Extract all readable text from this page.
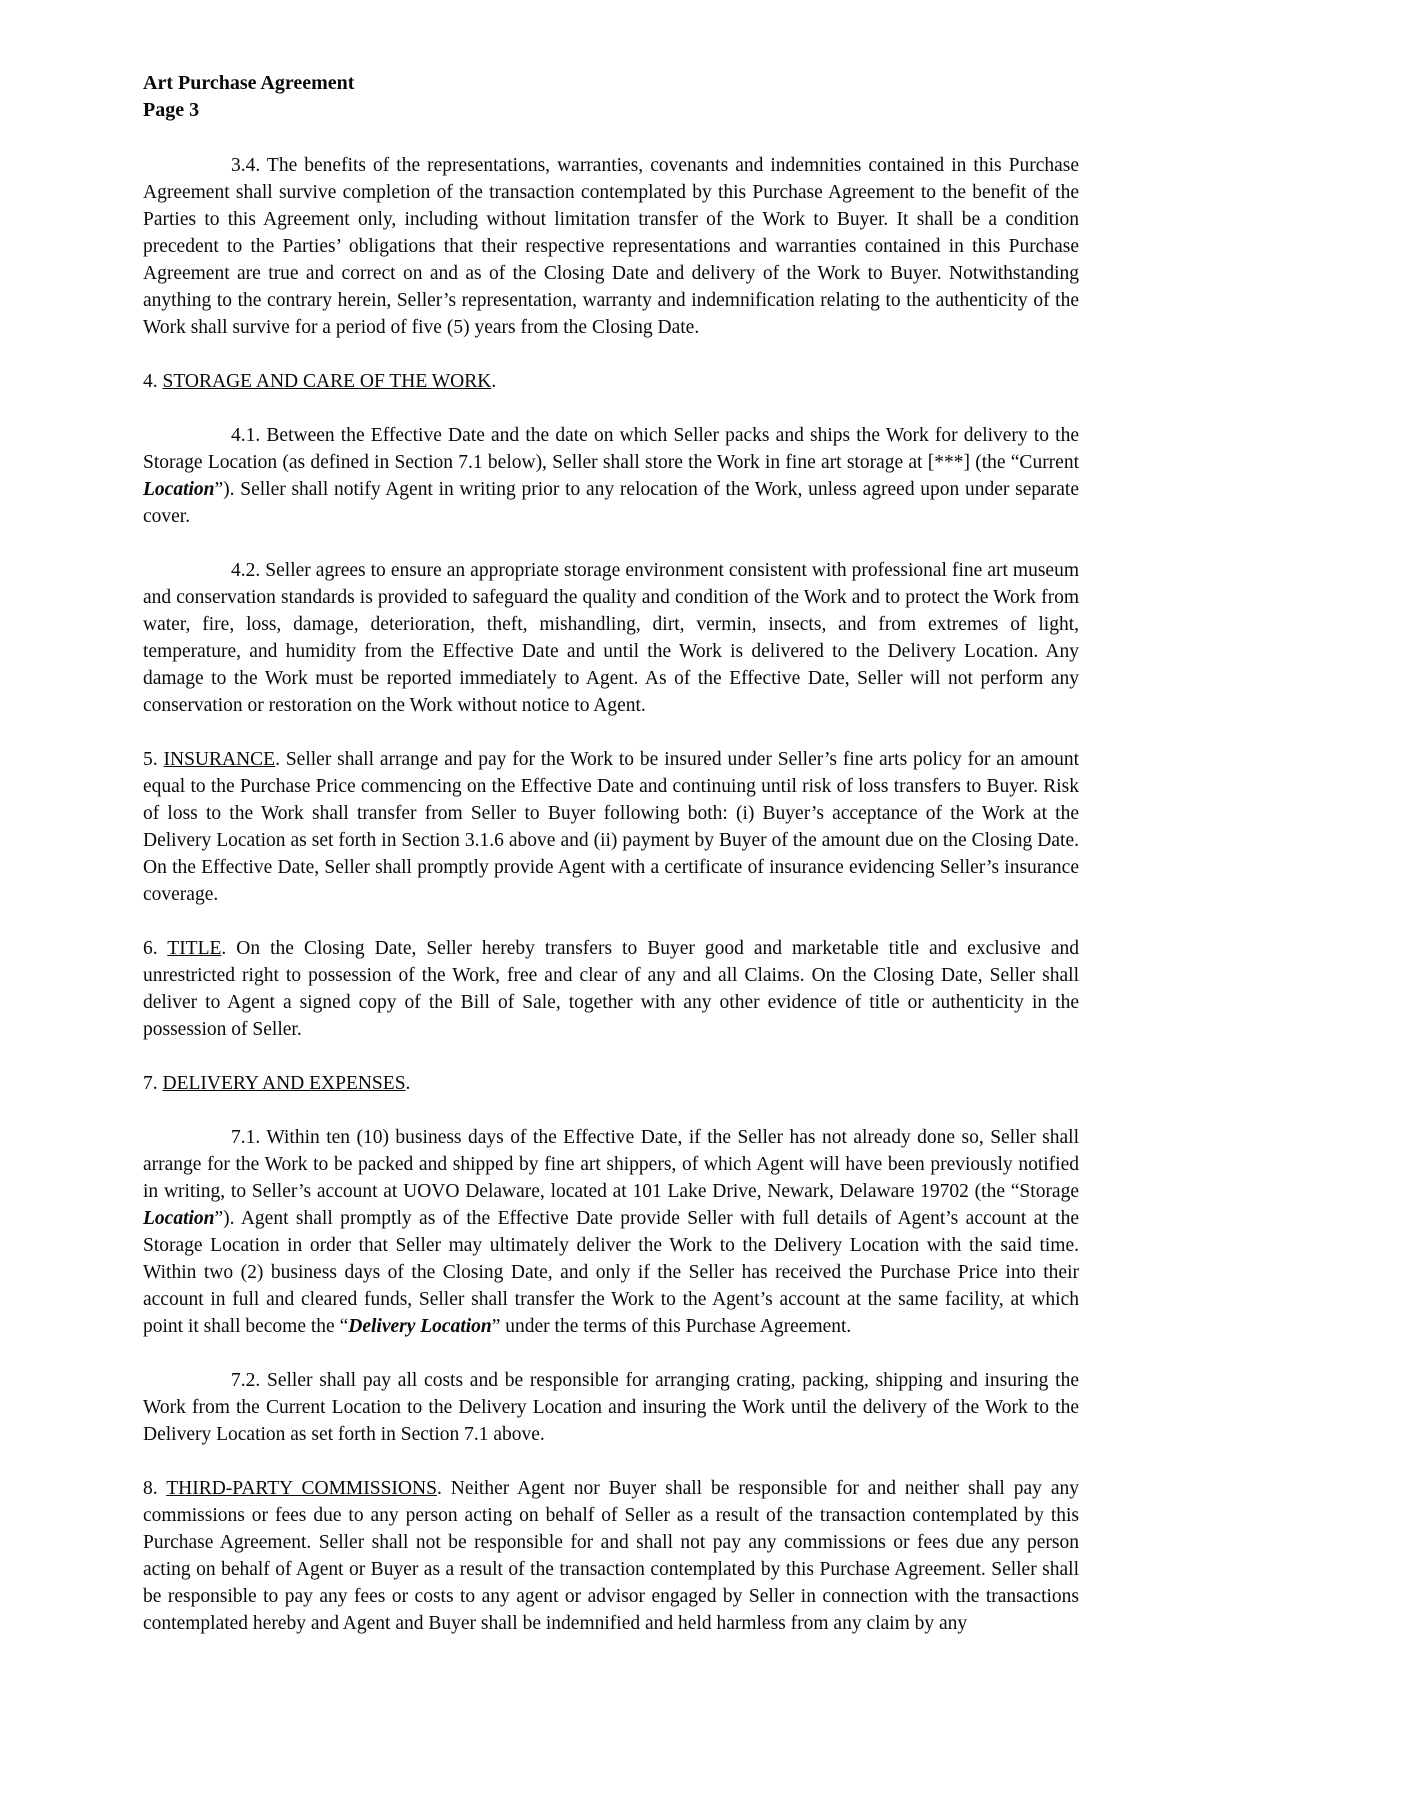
Art Purchase Agreement
Page 3

3.4. The benefits of the representations, warranties, covenants and indemnities contained in this Purchase Agreement shall survive completion of the transaction contemplated by this Purchase Agreement to the benefit of the Parties to this Agreement only, including without limitation transfer of the Work to Buyer. It shall be a condition precedent to the Parties’ obligations that their respective representations and warranties contained in this Purchase Agreement are true and correct on and as of the Closing Date and delivery of the Work to Buyer. Notwithstanding anything to the contrary herein, Seller’s representation, warranty and indemnification relating to the authenticity of the Work shall survive for a period of five (5) years from the Closing Date.

4. STORAGE AND CARE OF THE WORK.

4.1. Between the Effective Date and the date on which Seller packs and ships the Work for delivery to the Storage Location (as defined in Section 7.1 below), Seller shall store the Work in fine art storage at [***] (the “Current Location”). Seller shall notify Agent in writing prior to any relocation of the Work, unless agreed upon under separate cover.

4.2. Seller agrees to ensure an appropriate storage environment consistent with professional fine art museum and conservation standards is provided to safeguard the quality and condition of the Work and to protect the Work from water, fire, loss, damage, deterioration, theft, mishandling, dirt, vermin, insects, and from extremes of light, temperature, and humidity from the Effective Date and until the Work is delivered to the Delivery Location. Any damage to the Work must be reported immediately to Agent. As of the Effective Date, Seller will not perform any conservation or restoration on the Work without notice to Agent.

5. INSURANCE. Seller shall arrange and pay for the Work to be insured under Seller’s fine arts policy for an amount equal to the Purchase Price commencing on the Effective Date and continuing until risk of loss transfers to Buyer. Risk of loss to the Work shall transfer from Seller to Buyer following both: (i) Buyer’s acceptance of the Work at the Delivery Location as set forth in Section 3.1.6 above and (ii) payment by Buyer of the amount due on the Closing Date. On the Effective Date, Seller shall promptly provide Agent with a certificate of insurance evidencing Seller’s insurance coverage.

6. TITLE. On the Closing Date, Seller hereby transfers to Buyer good and marketable title and exclusive and unrestricted right to possession of the Work, free and clear of any and all Claims. On the Closing Date, Seller shall deliver to Agent a signed copy of the Bill of Sale, together with any other evidence of title or authenticity in the possession of Seller.

7. DELIVERY AND EXPENSES.

7.1. Within ten (10) business days of the Effective Date, if the Seller has not already done so, Seller shall arrange for the Work to be packed and shipped by fine art shippers, of which Agent will have been previously notified in writing, to Seller’s account at UOVO Delaware, located at 101 Lake Drive, Newark, Delaware 19702 (the “Storage Location”). Agent shall promptly as of the Effective Date provide Seller with full details of Agent’s account at the Storage Location in order that Seller may ultimately deliver the Work to the Delivery Location with the said time. Within two (2) business days of the Closing Date, and only if the Seller has received the Purchase Price into their account in full and cleared funds, Seller shall transfer the Work to the Agent’s account at the same facility, at which point it shall become the “Delivery Location” under the terms of this Purchase Agreement.

7.2. Seller shall pay all costs and be responsible for arranging crating, packing, shipping and insuring the Work from the Current Location to the Delivery Location and insuring the Work until the delivery of the Work to the Delivery Location as set forth in Section 7.1 above.

8. THIRD-PARTY COMMISSIONS. Neither Agent nor Buyer shall be responsible for and neither shall pay any commissions or fees due to any person acting on behalf of Seller as a result of the transaction contemplated by this Purchase Agreement. Seller shall not be responsible for and shall not pay any commissions or fees due any person acting on behalf of Agent or Buyer as a result of the transaction contemplated by this Purchase Agreement. Seller shall be responsible to pay any fees or costs to any agent or advisor engaged by Seller in connection with the transactions contemplated hereby and Agent and Buyer shall be indemnified and held harmless from any claim by any
